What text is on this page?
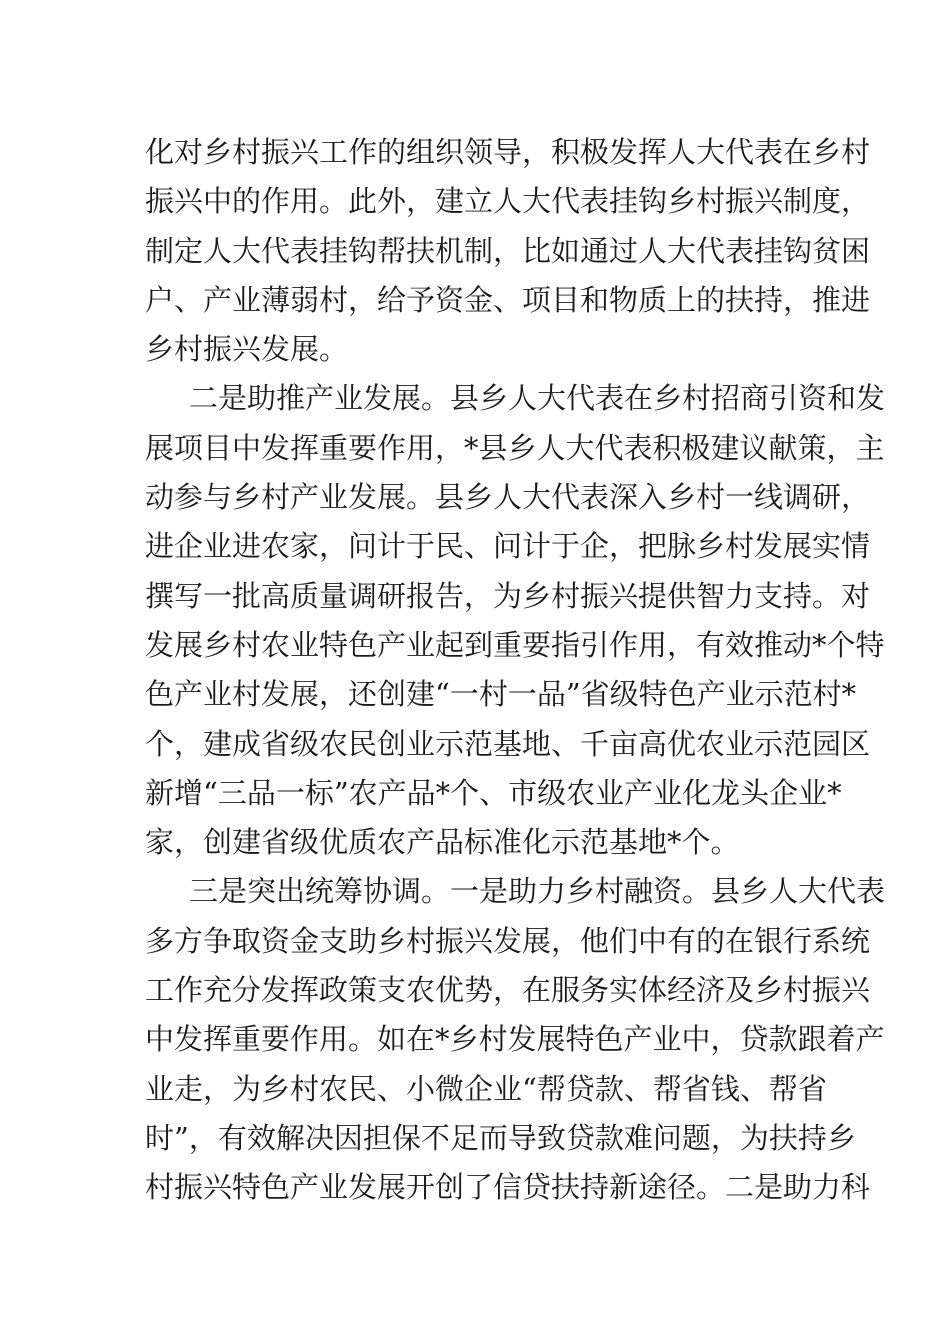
化对乡村振兴工作的组织领导，积极发挥人大代表在乡村
振兴中的作用。此外，建立人大代表挂钩乡村振兴制度，
制定人大代表挂钩帮扶机制，比如通过人大代表挂钩贫困
户、产业薄弱村，给予资金、项目和物质上的扶持，推进
乡村振兴发展。
二是助推产业发展。县乡人大代表在乡村招商引资和发
展项目中发挥重要作用，*县乡人大代表积极建议献策，主
动参与乡村产业发展。县乡人大代表深入乡村一线调研，
进企业进农家，问计于民、问计于企，把脉乡村发展实情
撰写一批高质量调研报告，为乡村振兴提供智力支持。对
发展乡村农业特色产业起到重要指引作用，有效推动*个特
色产业村发展，还创建“一村一品”省级特色产业示范村*
个，建成省级农民创业示范基地、千亩高优农业示范园区
新增“三品一标”农产品*个、市级农业产业化龙头企业*
家，创建省级优质农产品标准化示范基地*个。
三是突出统筹协调。一是助力乡村融资。县乡人大代表
多方争取资金支助乡村振兴发展，他们中有的在银行系统
工作充分发挥政策支农优势，在服务实体经济及乡村振兴
中发挥重要作用。如在*乡村发展特色产业中，贷款跟着产
业走，为乡村农民、小微企业“帮贷款、帮省钱、帮省
时”，有效解决因担保不足而导致贷款难问题，为扶持乡
村振兴特色产业发展开创了信贷扶持新途径。二是助力科
